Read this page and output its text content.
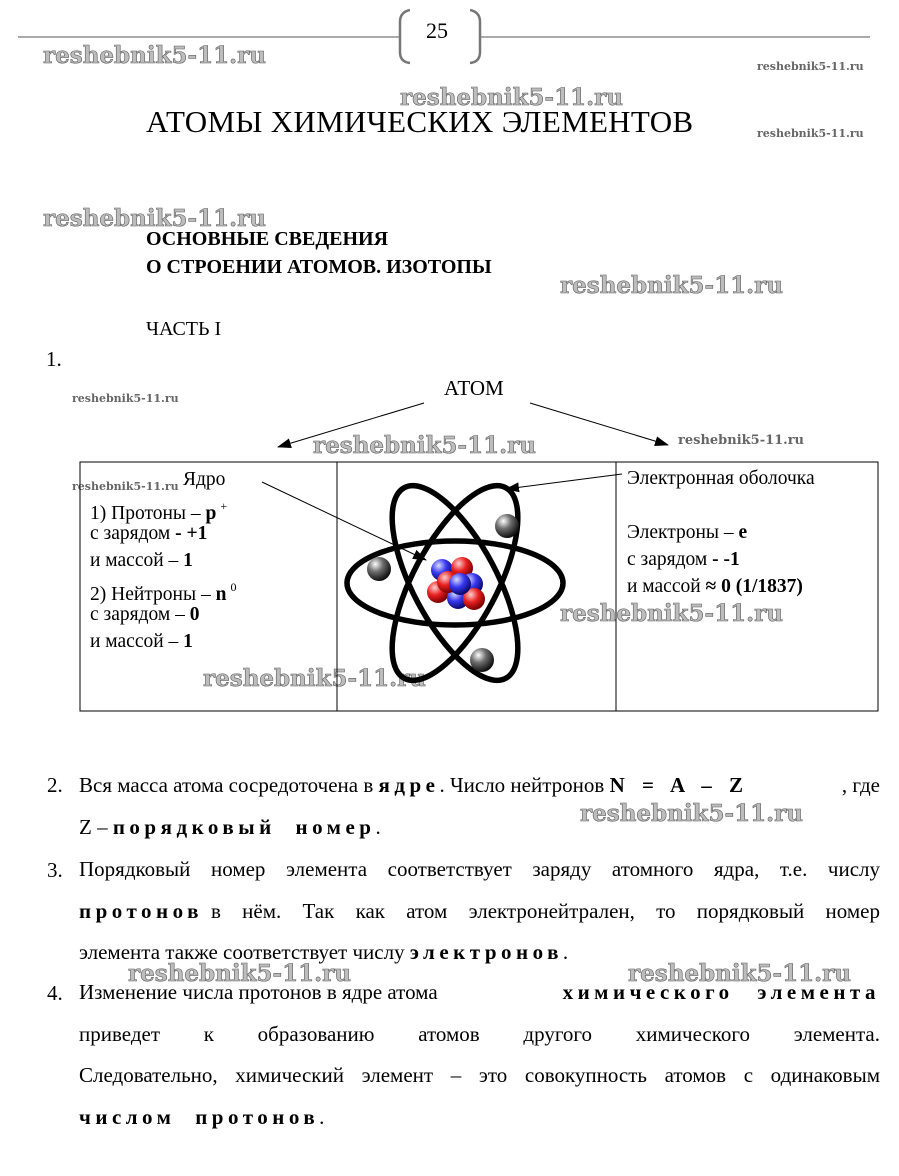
25
reshebnik5-11.ru	reshebnik5-11.ru
reshebnik5-11.ru
reshebnik5-11.ru
reshebnik5-11.ru
reshebnik5-11.ru
reshebnik5-11.ru
reshebnik5-11.ru	reshebnik5-11.ru
reshebnik5-11.ru
reshebnik5-11.ru
reshebnik5-11.ru
reshebnik5-11.ru
reshebnik5-11.ru	reshebnik5-11.ru
АТОМЫ ХИМИЧЕСКИХ ЭЛЕМЕНТОВ
ОСНОВНЫЕ СВЕДЕНИЯ
О СТРОЕНИИ АТОМОВ. ИЗОТОПЫ
ЧАСТЬ I
1.
АТОМ
Ядро
1) Протоны – p +
с зарядом - +1
и массой – 1
2) Нейтроны – n $^0$
с зарядом – 0
и массой – 1
Электронная оболочка
Электроны – e
с зарядом - -1
и массой ≈ 0 (1/1837)
2. Вся масса атома сосредоточена в ядре. Число нейтронов N = A – Z	, где
Z – порядковый номер.
3. Порядковый номер элемента соответствует заряду атомного ядра, т.е. числу
протонов в нём. Так как атом электронейтрален, то порядковый номер
элемента также соответствует числу электронов.
4. Изменение числа протонов в ядре атома	химического элемента
приведет к образованию атомов другого химического элемента.
Следовательно, химический элемент – это совокупность атомов с одинаковым
числом протонов.
